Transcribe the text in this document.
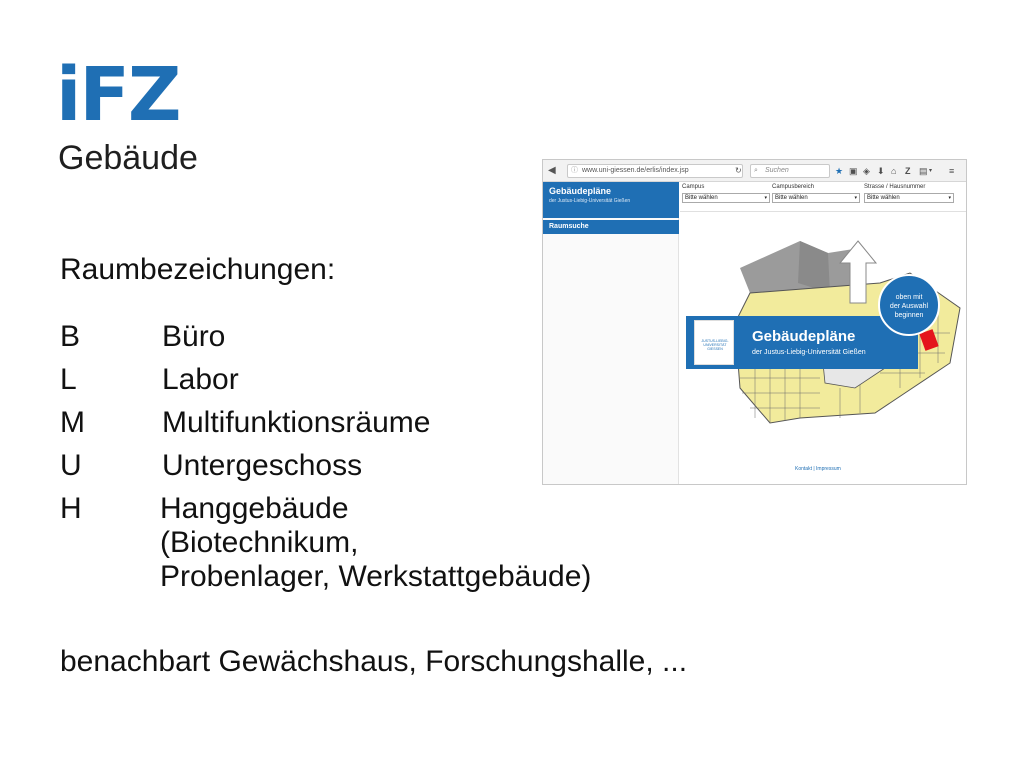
iFZ
Gebäude
Raumbezeichungen:
B	Büro
L	Labor
M	Multifunktionsräume
U	Untergeschoss
H	Hanggebäude
(Biotechnikum,
Probenlager, Werkstattgebäude)
benachbart Gewächshaus, Forschungshalle, ...
◀ ⓘ www.uni-giessen.de/erlis/index.jsp	↻ ⌕ Suchen	★ ▣ ◈ ⬇ ⌂ Z ▤ ▾ ≡
Gebäudepläne
der Justus-Liebig-Universität Gießen
Raumsuche
Campus
Bitte wählen	▾
Campusbereich
Bitte wählen	▾
Strasse / Hausnummer
Bitte wählen	▾
JUSTUS-LIEBIG-UNIVERSITÄT GIESSEN
Gebäudepläne
der Justus-Liebig-Universität Gießen
oben mit
der Auswahl
beginnen
Kontakt | Impressum
